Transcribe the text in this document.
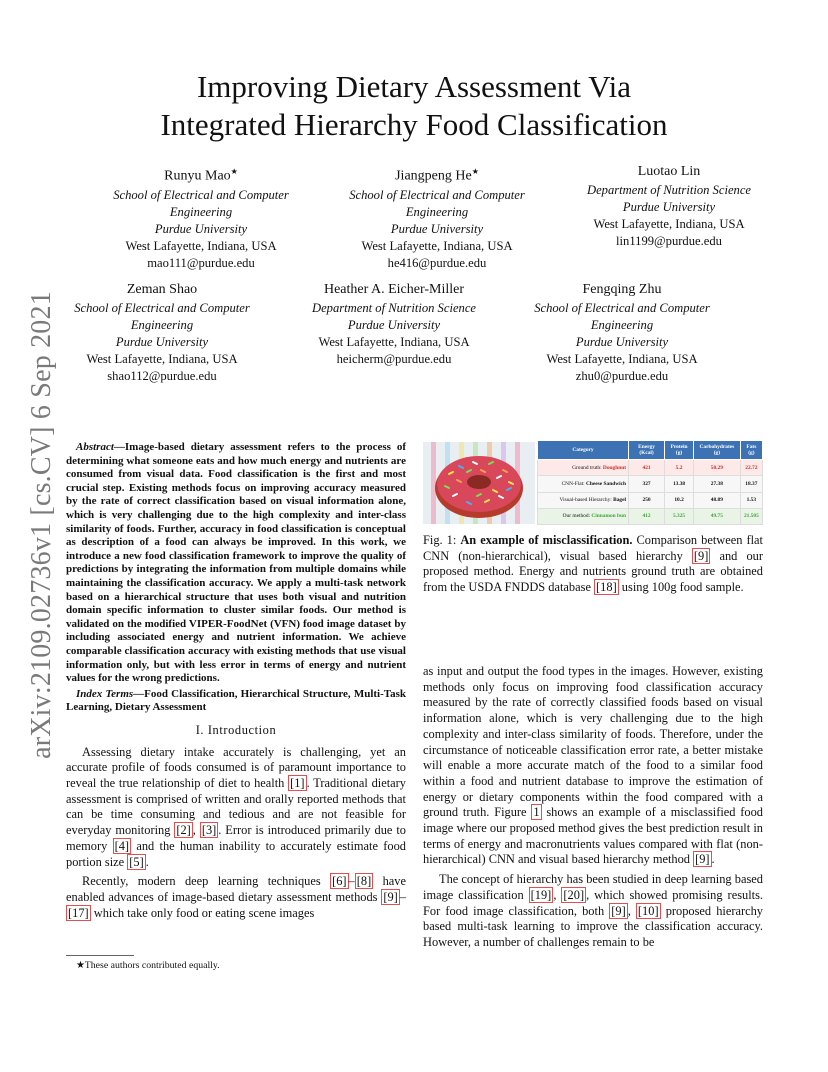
Improving Dietary Assessment Via
Integrated Hierarchy Food Classification
Runyu Mao★
School of Electrical and Computer
Engineering
Purdue University
West Lafayette, Indiana, USA
mao111@purdue.edu
Jiangpeng He★
School of Electrical and Computer
Engineering
Purdue University
West Lafayette, Indiana, USA
he416@purdue.edu
Luotao Lin
Department of Nutrition Science
Purdue University
West Lafayette, Indiana, USA
lin1199@purdue.edu
Zeman Shao
School of Electrical and Computer
Engineering
Purdue University
West Lafayette, Indiana, USA
shao112@purdue.edu
Heather A. Eicher-Miller
Department of Nutrition Science
Purdue University
West Lafayette, Indiana, USA
heicherm@purdue.edu
Fengqing Zhu
School of Electrical and Computer
Engineering
Purdue University
West Lafayette, Indiana, USA
zhu0@purdue.edu
arXiv:2109.02736v1 [cs.CV] 6 Sep 2021	Abstract—Image-based dietary assessment refers to the process of determining what someone eats and how much energy and nutrients are consumed from visual data. Food classification is the first and most crucial step. Existing methods focus on improving accuracy measured by the rate of correct classification based on visual information alone, which is very challenging due to the high complexity and inter-class similarity of foods. Further, accuracy in food classification is conceptual as description of a food can always be improved. In this work, we introduce a new food classification framework to improve the quality of predictions by integrating the information from multiple domains while maintaining the classification accuracy. We apply a multi-task network based on a hierarchical structure that uses both visual and nutrition domain specific information to cluster similar foods. Our method is validated on the modified VIPER-FoodNet (VFN) food image dataset by including associated energy and nutrient information. We achieve comparable classification accuracy with existing methods that use visual information only, but with less error in terms of energy and nutrient values for the wrong predictions.
Index Terms—Food Classification, Hierarchical Structure, Multi-Task Learning, Dietary Assessment
I. Introduction

Assessing dietary intake accurately is challenging, yet an accurate profile of foods consumed is of paramount importance to reveal the true relationship of diet to health [1] . Traditional dietary assessment is comprised of written and orally reported methods that can be time consuming and tedious and are not feasible for everyday monitoring [2] , [3] . Error is introduced primarily due to memory [4] and the human inability to accurately estimate food portion size [5] .

Recently, modern deep learning techniques [6] – [8] have enabled advances of image-based dietary assessment methods [9] –[17] which take only food or eating scene images

★These authors contributed equally.
Category	Energy (Kcal)	Protein (g)	Carbohydrates (g)	Fats (g)
Ground truth: Doughnut	421	5.2	50.29	22.72
CNN-Flat: Cheese Sandwich	327	13.38	27.38	18.37
Visual-based Hierarchy: Bagel	250	10.2	48.89	1.53
Our method: Cinnamon bun	412	5.325	49.75	21.505
Fig. 1: An example of misclassification. Comparison between flat CNN (non-hierarchical), visual based hierarchy [9] and our proposed method. Energy and nutrients ground truth are obtained from the USDA FNDDS database [18] using 100g food sample.

as input and output the food types in the images. However, existing methods only focus on improving food classification accuracy measured by the rate of correctly classified foods based on visual information alone, which is very challenging due to the high complexity and inter-class similarity of foods. Therefore, under the circumstance of noticeable classification error rate, a better mistake will enable a more accurate match of the food to a similar food within a food and nutrient database to improve the estimation of energy or dietary components within the food compared with a ground truth. Figure 1 shows an example of a misclassified food image where our proposed method gives the best prediction result in terms of energy and macronutrients values compared with flat (non-hierarchical) CNN and visual based hierarchy method [9] .

The concept of hierarchy has been studied in deep learning based image classification [19] , [20] , which showed promising results. For food image classification, both [9] , [10] proposed hierarchy based multi-task learning to improve the classification accuracy. However, a number of challenges remain to be
